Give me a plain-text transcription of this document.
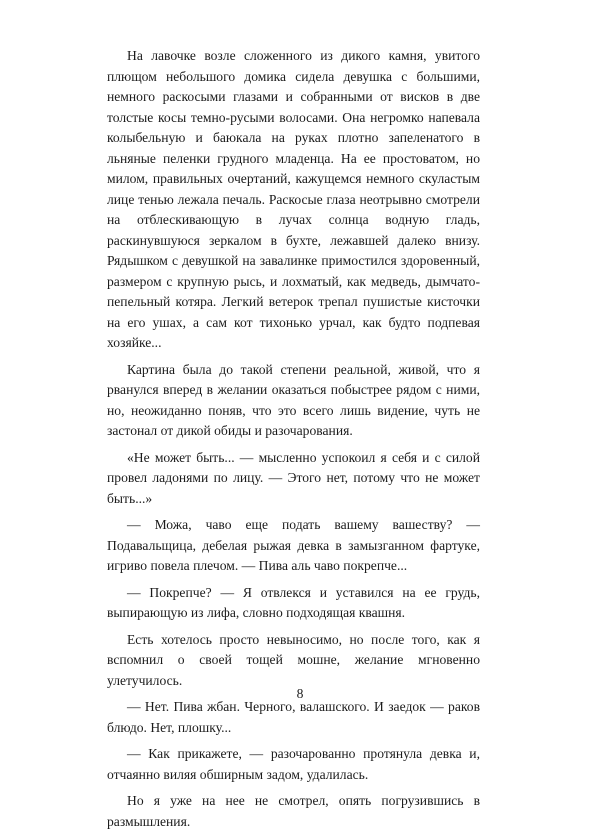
На лавочке возле сложенного из дикого камня, увитого плющом небольшого домика сидела девушка с большими, немного раскосыми глазами и собранными от висков в две толстые косы темно-русыми волосами. Она негромко напевала колыбельную и баюкала на руках плотно запеленатого в льняные пеленки грудного младенца. На ее простоватом, но милом, правильных очертаний, кажущемся немного скуластым лице тенью лежала печаль. Раскосые глаза неотрывно смотрели на отблескивающую в лучах солнца водную гладь, раскинувшуюся зеркалом в бухте, лежавшей далеко внизу. Рядышком с девушкой на завалинке примостился здоровенный, размером с крупную рысь, и лохматый, как медведь, дымчато-пепельный котяра. Легкий ветерок трепал пушистые кисточки на его ушах, а сам кот тихонько урчал, как будто подпевая хозяйке...

Картина была до такой степени реальной, живой, что я рванулся вперед в желании оказаться побыстрее рядом с ними, но, неожиданно поняв, что это всего лишь видение, чуть не застонал от дикой обиды и разочарования.

«Не может быть... — мысленно успокоил я себя и с силой провел ладонями по лицу. — Этого нет, потому что не может быть...»

— Можа, чаво еще подать вашему вашеству? — Подавальщица, дебелая рыжая девка в замызганном фартуке, игриво повела плечом. — Пива аль чаво покрепче...

— Покрепче? — Я отвлекся и уставился на ее грудь, выпирающую из лифа, словно подходящая квашня.

Есть хотелось просто невыносимо, но после того, как я вспомнил о своей тощей мошне, желание мгновенно улетучилось.

— Нет. Пива жбан. Черного, валашского. И заедок — раков блюдо. Нет, плошку...

— Как прикажете, — разочарованно протянула девка и, отчаянно виляя обширным задом, удалилась.

Но я уже на нее не смотрел, опять погрузившись в размышления.

8
